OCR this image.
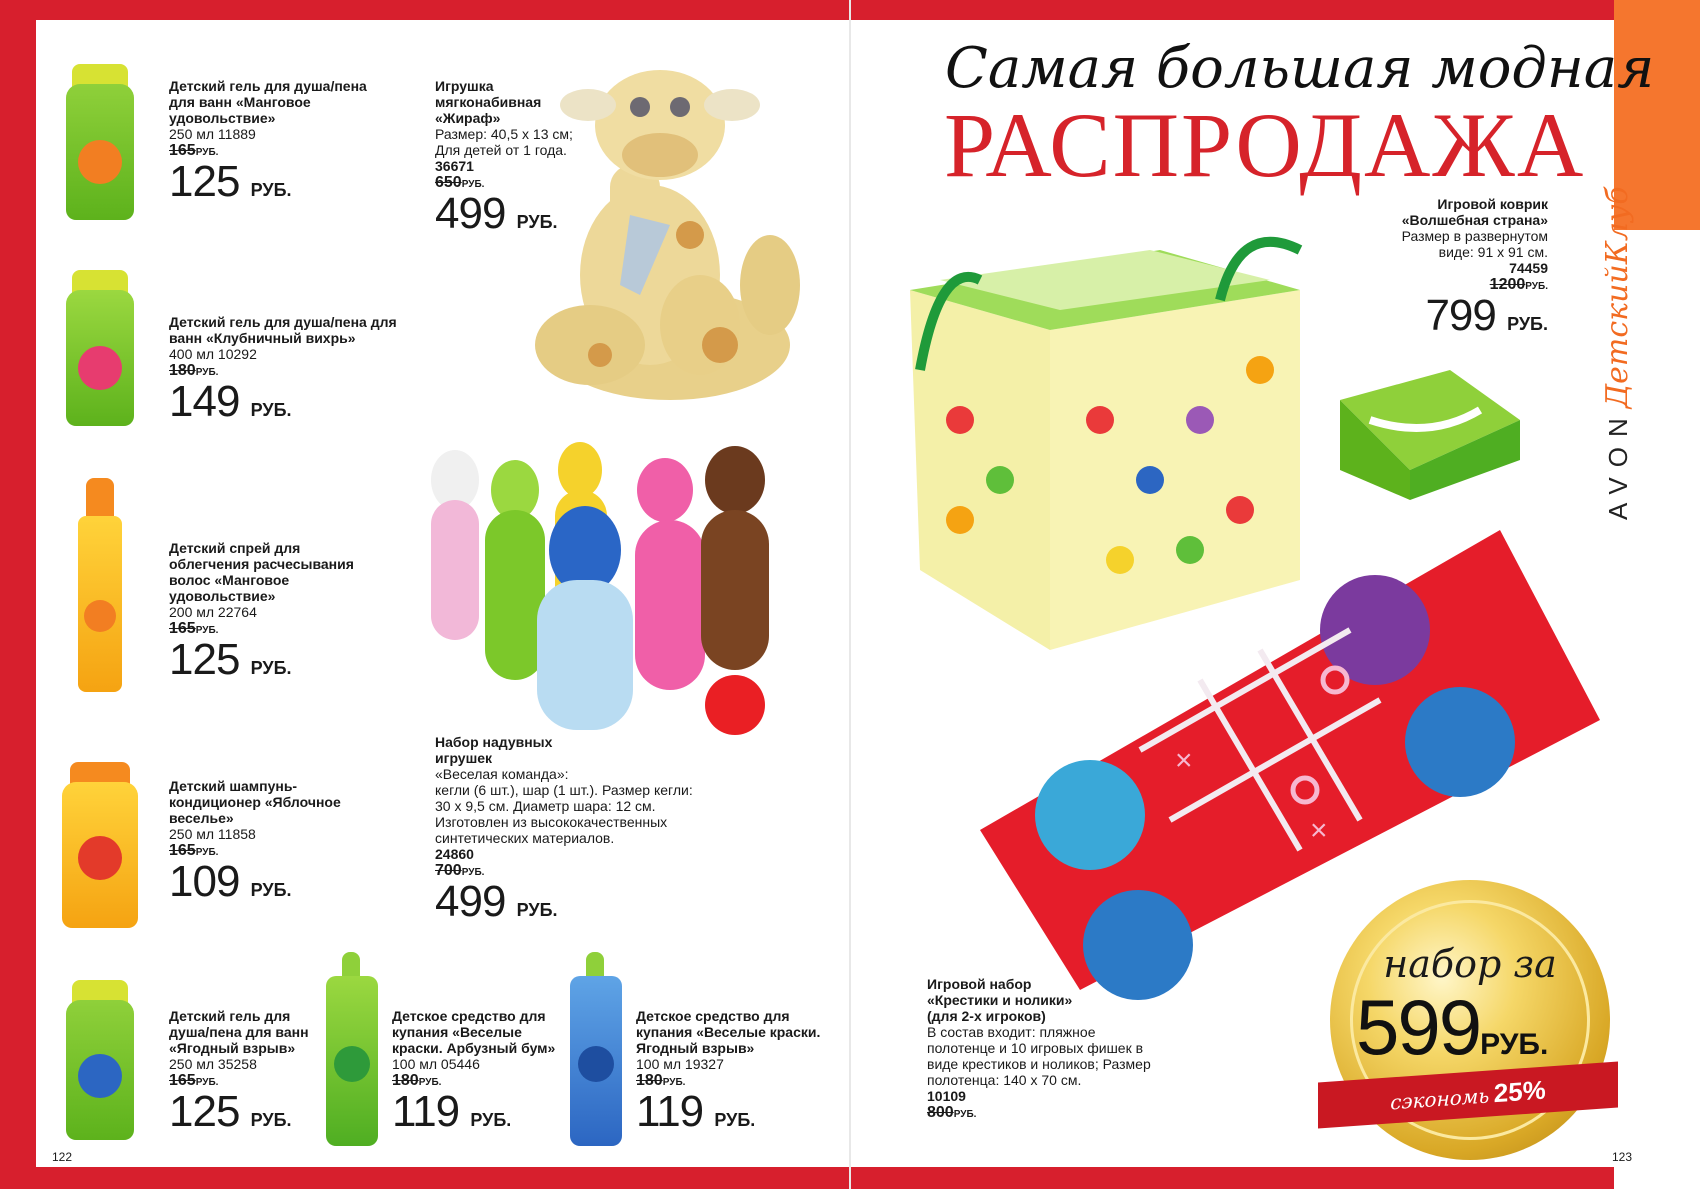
AVONДетскийКлуб
Детский гель для душа/пена для ванн «Манговое удовольствие»
250 мл 11889
165РУБ.
125 РУБ.
Детский гель для душа/пена для ванн «Клубничный вихрь»
400 мл 10292
180РУБ.
149 РУБ.
Детский спрей для облегчения расчесывания волос «Манговое удовольствие»
200 мл 22764
165РУБ.
125 РУБ.
Детский шампунь-кондиционер «Яблочное веселье»
250 мл 11858
165РУБ.
109 РУБ.
Детский гель для душа/пена для ванн «Ягодный взрыв»
250 мл 35258
165РУБ.
125 РУБ.
Детское средство для купания «Веселые краски. Арбузный бум»
100 мл 05446
180РУБ.
119 РУБ.
Детское средство для купания «Веселые краски. Ягодный взрыв»
100 мл 19327
180РУБ.
119 РУБ.
Игрушка мягконабивная «Жираф»
Размер: 40,5 х 13 см; Для детей от 1 года.
36671
650РУБ.
499 РУБ.
Набор надувных игрушек
«Веселая команда»:
кегли (6 шт.), шар (1 шт.). Размер кегли: 30 х 9,5 см. Диаметр шара: 12 см. Изготовлен из высококачественных синтетических материалов.
24860
700РУБ.
499 РУБ.
122
Самая большая модная
РАСПРОДАЖА
Игровой коврик «Волшебная страна»
Размер в развернутом виде: 91 х 91 см.
74459
1200РУБ.
799 РУБ.
×
×
Игровой набор «Крестики и нолики» (для 2-х игроков)
В состав входит: пляжное полотенце и 10 игровых фишек в виде крестиков и ноликов; Размер полотенца: 140 х 70 см.
10109
800РУБ.
набор за
599РУБ.
сэкономь 25%
123
